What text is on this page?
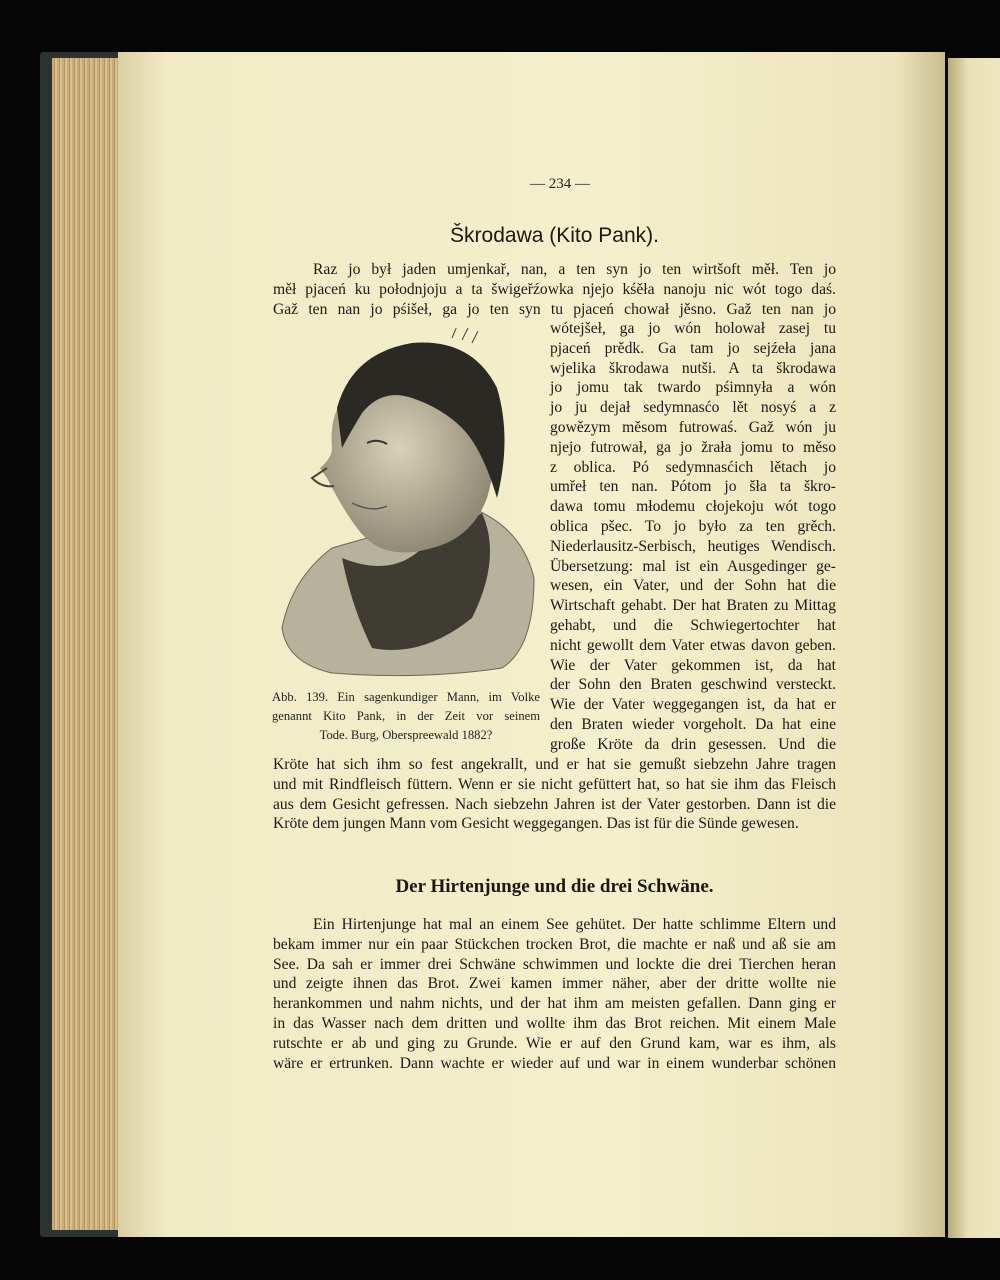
— 234 —
Škrodawa (Kito Pank).
Raz jo był jaden umjenkař, nan, a ten syn jo ten wirtšoft měł. Ten jo
měł pjaceń ku połodnjoju a ta šwigeřźowka njejo kśěła nanoju nic wót togo daś.
Gaž ten nan jo pśišeł, ga jo ten syn tu pjaceń chował jěsno. Gaž ten nan jo
wótejšeł, ga jo wón holował zasej tu
pjaceń prědk. Ga tam jo sejźeła jana
wjelika škrodawa nutši. A ta škrodawa
jo jomu tak twardo pśimnyła a wón
jo ju dejał sedymnasćo lět nosyś a z
gowězym měsom futrowaś. Gaž wón ju
njejo futrował, ga jo žrała jomu to měso
z oblica. Pó sedymnasćich lětach jo
umřeł ten nan. Pótom jo šła ta škro-
dawa tomu młodemu cłojekoju wót togo
oblica pšec. To jo było za ten grěch.
Niederlausitz-Serbisch, heutiges Wendisch.
Übersetzung: mal ist ein Ausgedinger ge-
wesen, ein Vater, und der Sohn hat die
Wirtschaft gehabt. Der hat Braten zu Mittag
gehabt, und die Schwiegertochter hat
nicht gewollt dem Vater etwas davon geben.
Wie der Vater gekommen ist, da hat
der Sohn den Braten geschwind versteckt.
Wie der Vater weggegangen ist, da hat er
den Braten wieder vorgeholt. Da hat eine
große Kröte da drin gesessen. Und die
Abb. 139. Ein sagenkundiger Mann, im Volke
genannt Kito Pank, in der Zeit vor seinem
Tode. Burg, Oberspreewald 1882?
Kröte hat sich ihm so fest angekrallt, und er hat sie gemußt siebzehn Jahre tragen
und mit Rindfleisch füttern. Wenn er sie nicht gefüttert hat, so hat sie ihm das Fleisch
aus dem Gesicht gefressen. Nach siebzehn Jahren ist der Vater gestorben. Dann ist die
Kröte dem jungen Mann vom Gesicht weggegangen. Das ist für die Sünde gewesen.
Der Hirtenjunge und die drei Schwäne.
Ein Hirtenjunge hat mal an einem See gehütet. Der hatte schlimme Eltern und
bekam immer nur ein paar Stückchen trocken Brot, die machte er naß und aß sie am
See. Da sah er immer drei Schwäne schwimmen und lockte die drei Tierchen heran
und zeigte ihnen das Brot. Zwei kamen immer näher, aber der dritte wollte nie
herankommen und nahm nichts, und der hat ihm am meisten gefallen. Dann ging er
in das Wasser nach dem dritten und wollte ihm das Brot reichen. Mit einem Male
rutschte er ab und ging zu Grunde. Wie er auf den Grund kam, war es ihm, als
wäre er ertrunken. Dann wachte er wieder auf und war in einem wunderbar schönen
